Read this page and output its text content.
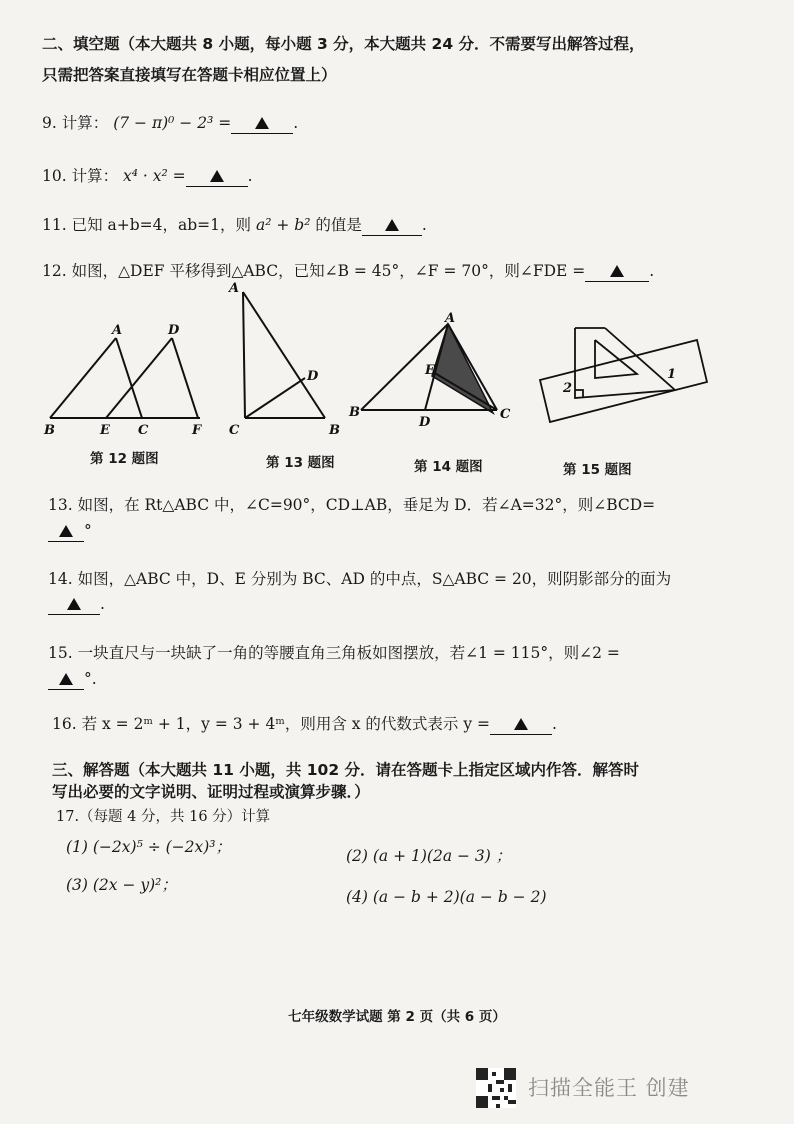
二、填空题（本大题共 8 小题，每小题 3 分，本大题共 24 分．不需要写出解答过程，
只需把答案直接填写在答题卡相应位置上）
9. 计算： (7 − π)⁰ − 2³ =	.
10. 计算： x⁴ · x² =	.
11. 已知 a+b=4，ab=1，则 a² + b² 的值是	.
12. 如图，△DEF 平移得到△ABC，已知∠B = 45°，∠F = 70°，则∠FDE =	.
A	D
B	E C	F
第 12 题图
A
D
C	B
第 13 题图
A
E
B
D
C
第 14 题图
1
2
第 15 题图
13. 如图，在 Rt△ABC 中，∠C=90°，CD⊥AB，垂足为 D．若∠A=32°，则∠BCD=
°
14. 如图，△ABC 中，D、E 分别为 BC、AD 的中点，S△ABC = 20，则阴影部分的面为
.
15. 一块直尺与一块缺了一角的等腰直角三角板如图摆放，若∠1 = 115°，则∠2 =
°.
16. 若 x = 2ᵐ + 1，y = 3 + 4ᵐ，则用含 x 的代数式表示 y =	.
三、解答题（本大题共 11 小题，共 102 分．请在答题卡上指定区域内作答．解答时
写出必要的文字说明、证明过程或演算步骤．）
17.（每题 4 分，共 16 分）计算
(1) (−2x)⁵ ÷ (−2x)³；	(2) (a + 1)(2a − 3) ；
(3) (2x − y)²；
(4) (a − b + 2)(a − b − 2)
七年级数学试题 第 2 页（共 6 页）
扫描全能王 创建
